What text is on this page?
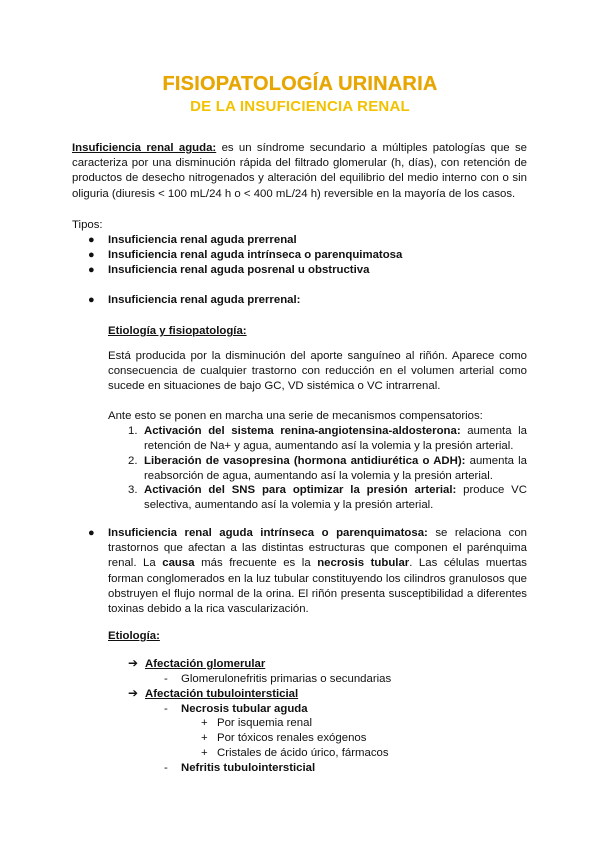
FISIOPATOLOGÍA URINARIA
DE LA INSUFICIENCIA RENAL
Insuficiencia renal aguda: es un síndrome secundario a múltiples patologías que se caracteriza por una disminución rápida del filtrado glomerular (h, días), con retención de productos de desecho nitrogenados y alteración del equilibrio del medio interno con o sin oliguria (diuresis < 100 mL/24 h o < 400 mL/24 h) reversible en la mayoría de los casos.
Tipos:
● Insuficiencia renal aguda prerrenal
● Insuficiencia renal aguda intrínseca o parenquimatosa
● Insuficiencia renal aguda posrenal u obstructiva
● Insuficiencia renal aguda prerrenal:
Etiología y fisiopatología:
Está producida por la disminución del aporte sanguíneo al riñón. Aparece como consecuencia de cualquier trastorno con reducción en el volumen arterial como sucede en situaciones de bajo GC, VD sistémica o VC intrarrenal.
Ante esto se ponen en marcha una serie de mecanismos compensatorios:
1. Activación del sistema renina-angiotensina-aldosterona: aumenta la retención de Na+ y agua, aumentando así la volemia y la presión arterial.
2. Liberación de vasopresina (hormona antidiurética o ADH): aumenta la reabsorción de agua, aumentando así la volemia y la presión arterial.
3. Activación del SNS para optimizar la presión arterial: produce VC selectiva, aumentando así la volemia y la presión arterial.
● Insuficiencia renal aguda intrínseca o parenquimatosa: se relaciona con trastornos que afectan a las distintas estructuras que componen el parénquima renal. La causa más frecuente es la necrosis tubular. Las células muertas forman conglomerados en la luz tubular constituyendo los cilindros granulosos que obstruyen el flujo normal de la orina. El riñón presenta susceptibilidad a diferentes toxinas debido a la rica vascularización.
Etiología:
➔ Afectación glomerular
- Glomerulonefritis primarias o secundarias
➔ Afectación tubulointersticial
- Necrosis tubular aguda
+ Por isquemia renal
+ Por tóxicos renales exógenos
+ Cristales de ácido úrico, fármacos
- Nefritis tubulointersticial
